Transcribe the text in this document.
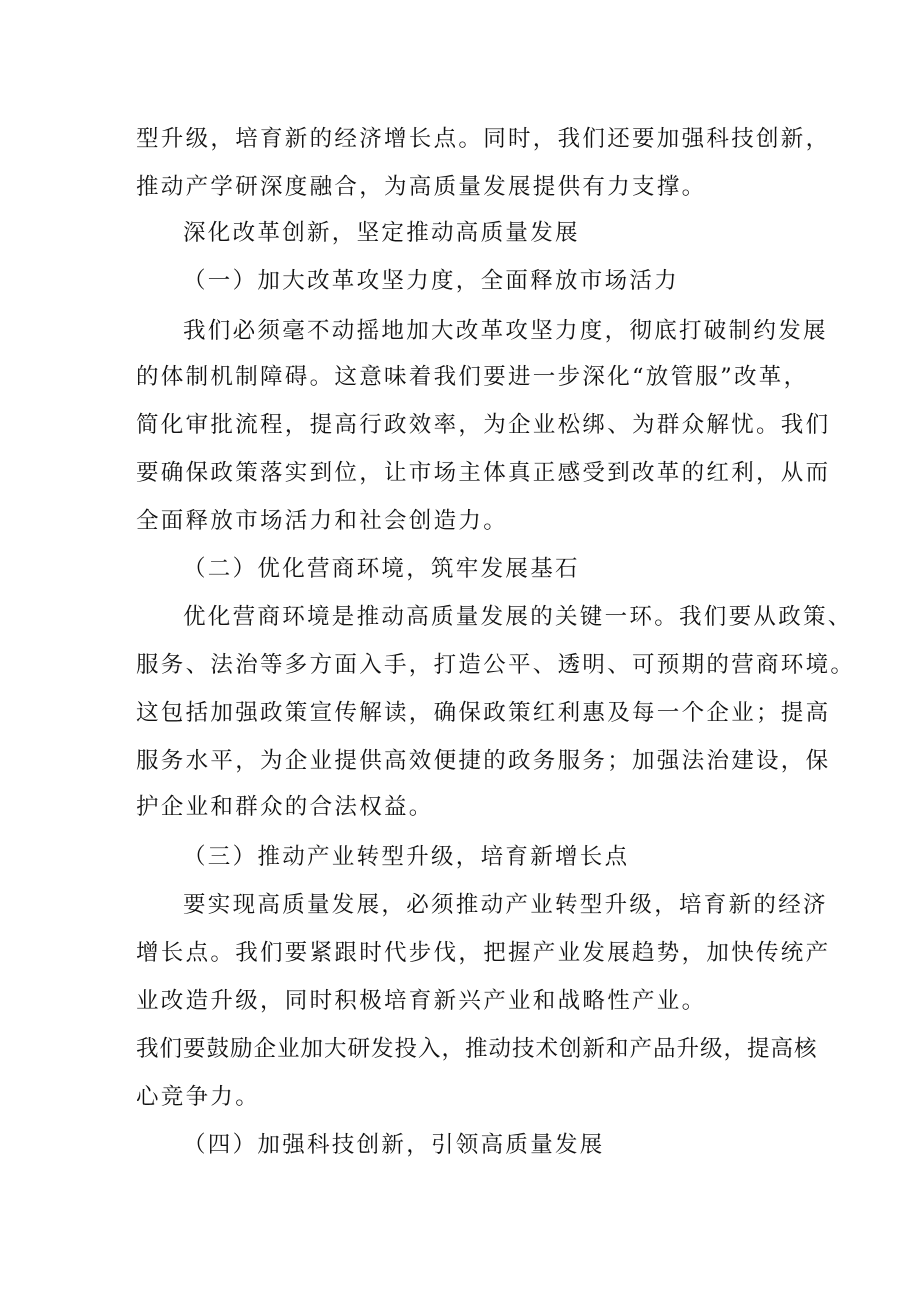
型升级，培育新的经济增长点。同时，我们还要加强科技创新，
推动产学研深度融合，为高质量发展提供有力支撑。
深化改革创新，坚定推动高质量发展
（一）加大改革攻坚力度，全面释放市场活力
我们必须毫不动摇地加大改革攻坚力度，彻底打破制约发展
的体制机制障碍。这意味着我们要进一步深化“放管服”改革，
简化审批流程，提高行政效率，为企业松绑、为群众解忧。我们
要确保政策落实到位，让市场主体真正感受到改革的红利，从而
全面释放市场活力和社会创造力。
（二）优化营商环境，筑牢发展基石
优化营商环境是推动高质量发展的关键一环。我们要从政策、
服务、法治等多方面入手，打造公平、透明、可预期的营商环境。
这包括加强政策宣传解读，确保政策红利惠及每一个企业；提高
服务水平，为企业提供高效便捷的政务服务；加强法治建设，保
护企业和群众的合法权益。
（三）推动产业转型升级，培育新增长点
要实现高质量发展，必须推动产业转型升级，培育新的经济
增长点。我们要紧跟时代步伐，把握产业发展趋势，加快传统产
业改造升级，同时积极培育新兴产业和战略性产业。
我们要鼓励企业加大研发投入，推动技术创新和产品升级，提高核
心竞争力。
（四）加强科技创新，引领高质量发展
